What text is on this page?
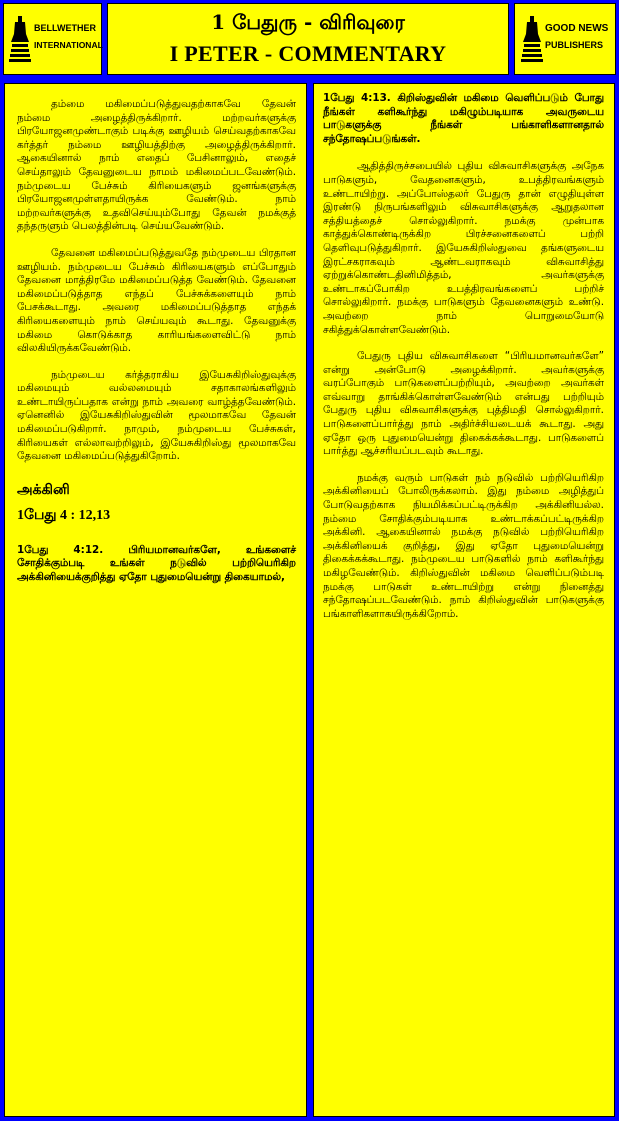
BELLWETHER
INTERNATIONAL
1 பேதுரு - விரிவுரை
I PETER - COMMENTARY
GOOD NEWS
PUBLISHERS

தம்மை மகிமைப்படுத்துவதற்காகவே தேவன் நம்மை அழைத்திருக்கிறார். மற்றவர்களுக்கு பிரயோஜனமுண்டாகும் படிக்கு ஊழியம் செய்வதற்காகவே கர்த்தர் நம்மை ஊழியத்திற்கு அழைத்திருக்கிறார். ஆகையினால் நாம் எதைப் பேசினாலும், எதைச் செய்தாலும் தேவனுடைய நாமம் மகிமைப்படவேண்டும். நம்முடைய பேச்சும் கிரியைகளும் ஜனங்களுக்கு பிரயோஜனமுள்ளதாயிருக்க வேண்டும். நாம் மற்றவர்களுக்கு உதவிசெய்யும்போது தேவன் நமக்குத் தந்தருளும் பெலத்தின்படி செய்யவேண்டும்.

தேவனை மகிமைப்படுத்துவதே நம்முடைய பிரதான ஊழியம். நம்முடைய பேச்சும் கிரியைகளும் எப்போதும் தேவனை மாத்திரமே மகிமைப்படுத்த வேண்டும். தேவனை மகிமைப்படுத்தாத எந்தப் பேச்சுக்களையும் நாம் பேசக்கூடாது. அவரை மகிமைப்படுத்தாத எந்தக் கிரியைகளையும் நாம் செய்யவும் கூடாது. தேவனுக்கு மகிமை கொடுக்காத காரியங்களைவிட்டு நாம் விலகியிருக்கவேண்டும்.

நம்முடைய கர்த்தராகிய இயேசுகிறிஸ்துவுக்கு மகிமையும் வல்லமையும் சதாகாலங்களிலும் உண்டாயிருப்பதாக என்று நாம் அவரை வாழ்த்தவேண்டும். ஏனெனில் இயேசுகிறிஸ்துவின் மூலமாகவே தேவன் மகிமைப்படுகிறார். நாமும், நம்முடைய பேச்சுகள், கிரியைகள் எல்லாவற்றிலும், இயேசுகிறிஸ்து மூலமாகவே தேவனை மகிமைப்படுத்துகிறோம்.

அக்கினி
1பேது 4 : 12,13

1பேது 4:12. பிரியமானவர்களே, உங்களைச் சோதிக்கும்படி உங்கள் நடுவில் பற்றியெரிகிற அக்கினியைக்குறித்து ஏதோ புதுமையென்று திகையாமல்,

1பேது 4:13. கிறிஸ்துவின் மகிமை வெளிப்படும் போது நீங்கள் களிகூர்ந்து மகிழும்படியாக அவருடைய பாடுகளுக்கு நீங்கள் பங்காளிகளானதால் சந்தோஷப்படுங்கள்.

ஆதித்திருச்சபையில் புதிய விசுவாசிகளுக்கு அநேக பாடுகளும், வேதனைகளும், உபத்திரவங்களும் உண்டாயிற்று. அப்போஸ்தலர் பேதுரு தான் எழுதியுள்ள இரண்டு நிருபங்களிலும் விசுவாசிகளுக்கு ஆறுதலான சத்தியத்தைச் சொல்லுகிறார். நமக்கு முன்பாக காத்துக்கொண்டிருக்கிற பிரச்சனைகளைப் பற்றி தெளிவுபடுத்துகிறார். இயேசுகிறிஸ்துவை தங்களுடைய இரட்சகராகவும் ஆண்டவராகவும் விசுவாசித்து ஏற்றுக்கொண்டதினிமித்தம், அவர்களுக்கு உண்டாகப்போகிற உபத்திரவங்களைப் பற்றிச் சொல்லுகிறார். நமக்கு பாடுகளும் தேவனைகளும் உண்டு. அவற்றை நாம் பொறுமையோடு சகித்துக்கொள்ளவேண்டும்.

பேதுரு புதிய விசுவாசிகளை “பிரியமானவர்களே” என்று அன்போடு அழைக்கிறார். அவர்களுக்கு வரப்போகும் பாடுகளைப்பற்றியும், அவற்றை அவர்கள் எவ்வாறு தாங்கிக்கொள்ளவேண்டும் என்பது பற்றியும் பேதுரு புதிய விசுவாசிகளுக்கு புத்திமதி சொல்லுகிறார். பாடுகளைப்பார்த்து நாம் அதிர்ச்சியடையக் கூடாது. அது ஏதோ ஒரு புதுமையென்று திகைக்கக்கூடாது. பாடுகளைப் பார்த்து ஆச்சரியப்படவும் கூடாது.

நமக்கு வரும் பாடுகள் நம் நடுவில் பற்றியெரிகிற அக்கினியைப் போலிருக்கலாம். இது நம்மை அழித்துப் போடுவதற்காக நியமிக்கப்பட்டிருக்கிற அக்கினியல்ல. நம்மை சோதிக்கும்படியாக உண்டாக்கப்பட்டிருக்கிற அக்கினி. ஆகையினால் நமக்கு நடுவில் பற்றியெரிகிற அக்கினியைக் குறித்து, இது ஏதோ புதுமையென்று திகைக்கக்கூடாது. நம்முடைய பாடுகளில் நாம் களிகூர்ந்து மகிழவேண்டும். கிறிஸ்துவின் மகிமை வெளிப்படும்படி நமக்கு பாடுகள் உண்டாயிற்று என்று நினைத்து சந்தோஷப்படவேண்டும். நாம் கிறிஸ்துவின் பாடுகளுக்கு பங்காளிகளாகயிருக்கிறோம்.
